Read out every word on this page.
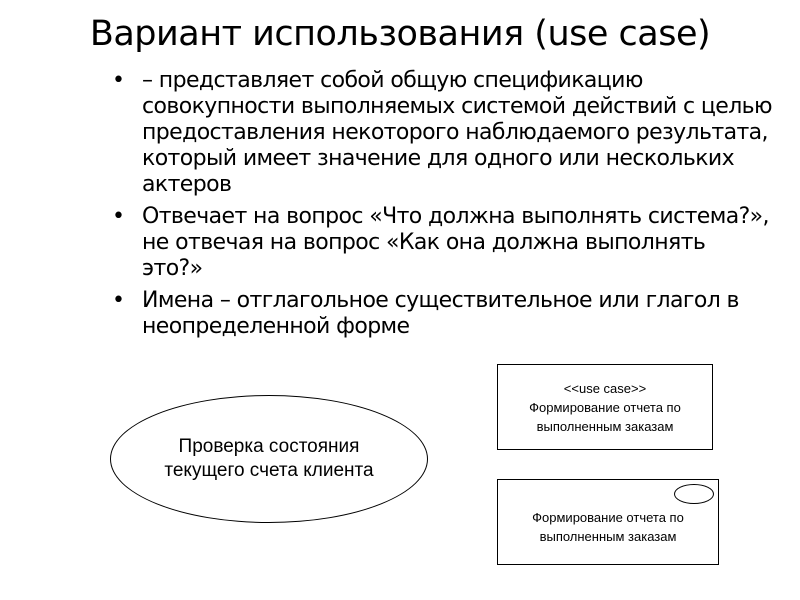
Вариант использования (use case)
• – представляет собой общую спецификацию совокупности выполняемых системой действий с целью предоставления некоторого наблюдаемого результата, который имеет значение для одного или нескольких актеров
• Отвечает на вопрос «Что должна выполнять система?», не отвечая на вопрос «Как она должна выполнять это?»
• Имена – отглагольное существительное или глагол в неопределенной форме
Проверка состояния
текущего счета клиента
<<use case>>
Формирование отчета по
выполненным заказам
Формирование отчета по
выполненным заказам
